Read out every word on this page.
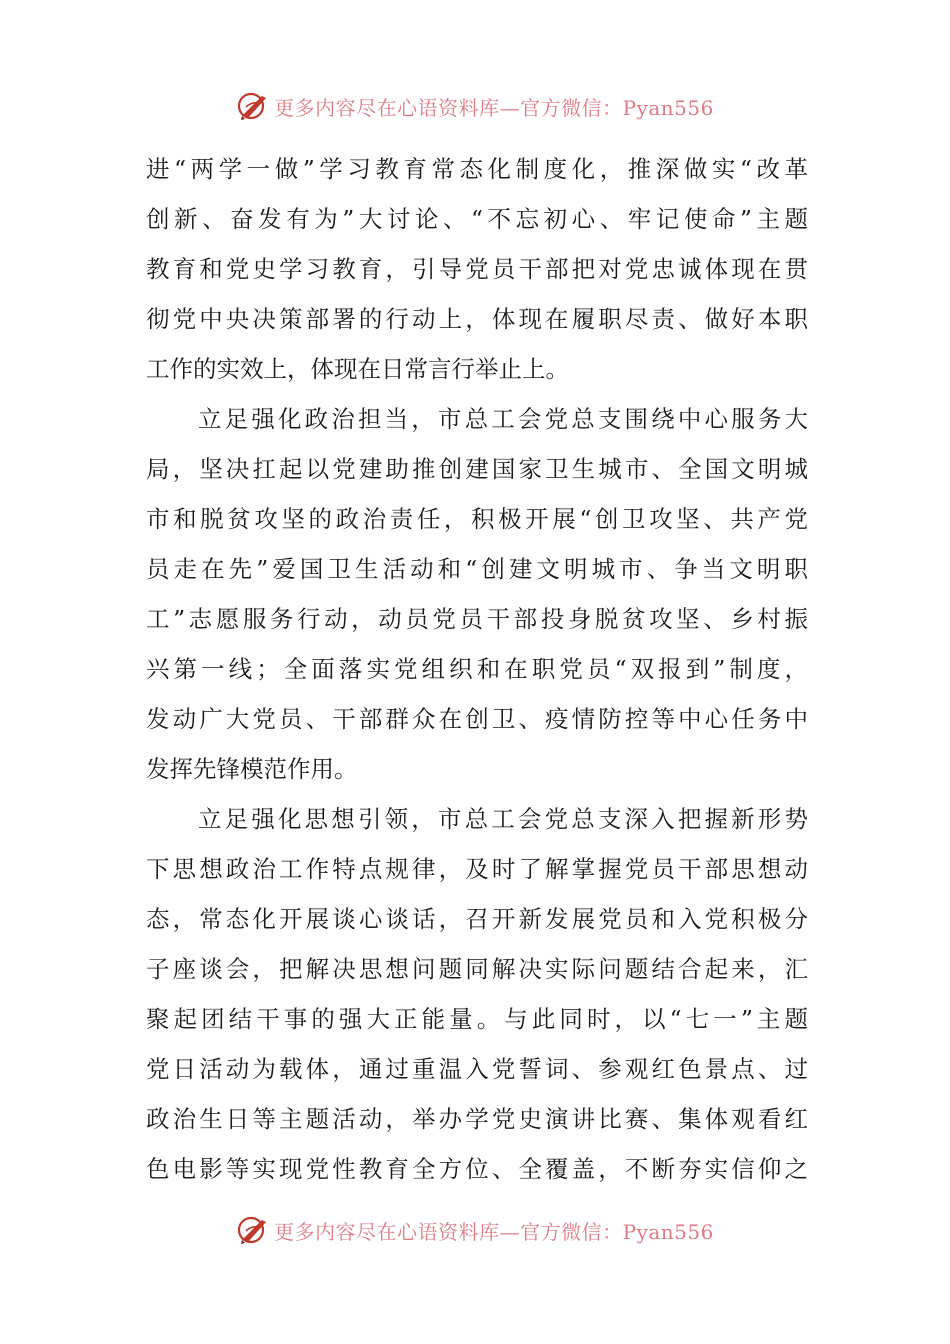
更多内容尽在心语资料库—官方微信：Pyan556
进“两学一做”学习教育常态化制度化，推深做实“改革
创新、奋发有为”大讨论、“不忘初心、牢记使命”主题
教育和党史学习教育，引导党员干部把对党忠诚体现在贯
彻党中央决策部署的行动上，体现在履职尽责、做好本职
工作的实效上，体现在日常言行举止上。
立足强化政治担当，市总工会党总支围绕中心服务大
局，坚决扛起以党建助推创建国家卫生城市、全国文明城
市和脱贫攻坚的政治责任，积极开展“创卫攻坚、共产党
员走在先”爱国卫生活动和“创建文明城市、争当文明职
工”志愿服务行动，动员党员干部投身脱贫攻坚、乡村振
兴第一线；全面落实党组织和在职党员“双报到”制度，
发动广大党员、干部群众在创卫、疫情防控等中心任务中
发挥先锋模范作用。
立足强化思想引领，市总工会党总支深入把握新形势
下思想政治工作特点规律，及时了解掌握党员干部思想动
态，常态化开展谈心谈话，召开新发展党员和入党积极分
子座谈会，把解决思想问题同解决实际问题结合起来，汇
聚起团结干事的强大正能量。与此同时，以“七一”主题
党日活动为载体，通过重温入党誓词、参观红色景点、过
政治生日等主题活动，举办学党史演讲比赛、集体观看红
色电影等实现党性教育全方位、全覆盖，不断夯实信仰之
更多内容尽在心语资料库—官方微信：Pyan556
